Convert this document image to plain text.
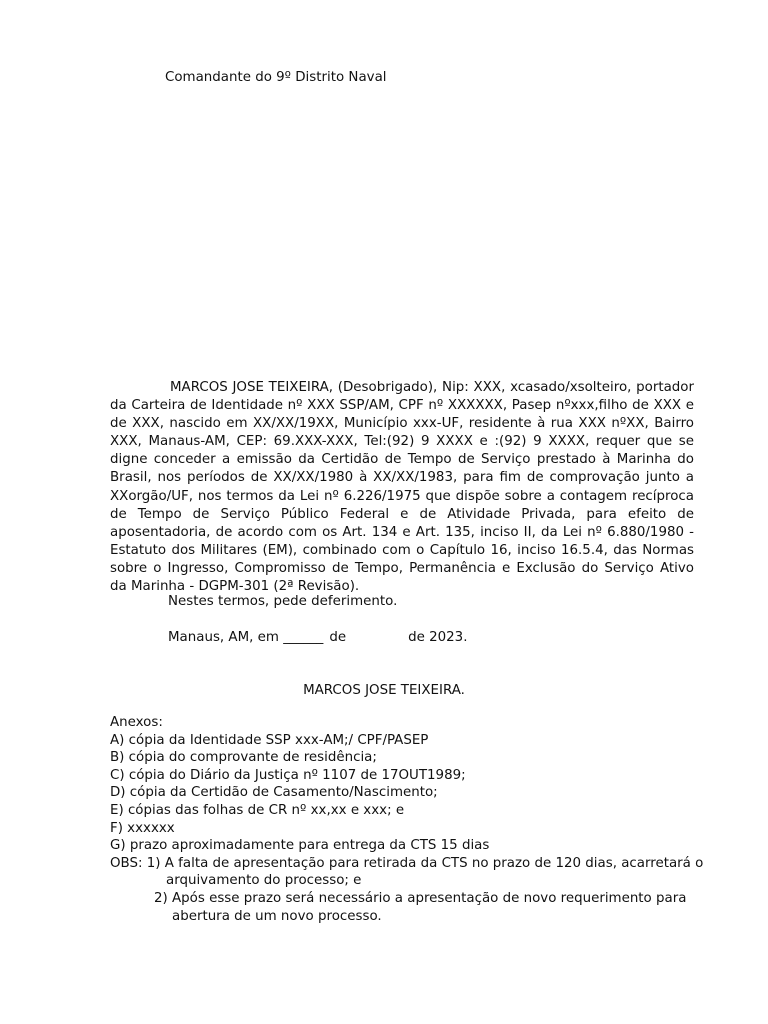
Comandante do 9º Distrito Naval

MARCOS JOSE TEIXEIRA, (Desobrigado), Nip: XXX, xcasado/xsolteiro, portador da Carteira de Identidade nº XXX SSP/AM, CPF nº XXXXXX, Pasep nºxxx,filho de XXX e de XXX, nascido em XX/XX/19XX, Município xxx-UF, residente à rua XXX nºXX, Bairro XXX, Manaus-AM, CEP: 69.XXX-XXX, Tel:(92) 9 XXXX e :(92) 9 XXXX, requer que se digne conceder a emissão da Certidão de Tempo de Serviço prestado à Marinha do Brasil, nos períodos de XX/XX/1980 à XX/XX/1983, para fim de comprovação junto a XXorgão/UF, nos termos da Lei nº 6.226/1975 que dispõe sobre a contagem recíproca de Tempo de Serviço Público Federal e de Atividade Privada, para efeito de aposentadoria, de acordo com os Art. 134 e Art. 135, inciso II, da Lei nº 6.880/1980 - Estatuto dos Militares (EM), combinado com o Capítulo 16, inciso 16.5.4, das Normas sobre o Ingresso, Compromisso de Tempo, Permanência e Exclusão do Serviço Ativo da Marinha - DGPM-301 (2ª Revisão).

Nestes termos, pede deferimento.
Manaus, AM, em ______ de	de 2023.
MARCOS JOSE TEIXEIRA.
Anexos:
A) cópia da Identidade SSP xxx-AM;/ CPF/PASEP
B) cópia do comprovante de residência;
C) cópia do Diário da Justiça nº 1107 de 17OUT1989;
D) cópia da Certidão de Casamento/Nascimento;
E) cópias das folhas de CR nº xx,xx e xxx; e
F) xxxxxx
G) prazo aproximadamente para entrega da CTS 15 dias
OBS: 1) A falta de apresentação para retirada da CTS no prazo de 120 dias, acarretará o
arquivamento do processo; e
2) Após esse prazo será necessário a apresentação de novo requerimento para
abertura de um novo processo.
